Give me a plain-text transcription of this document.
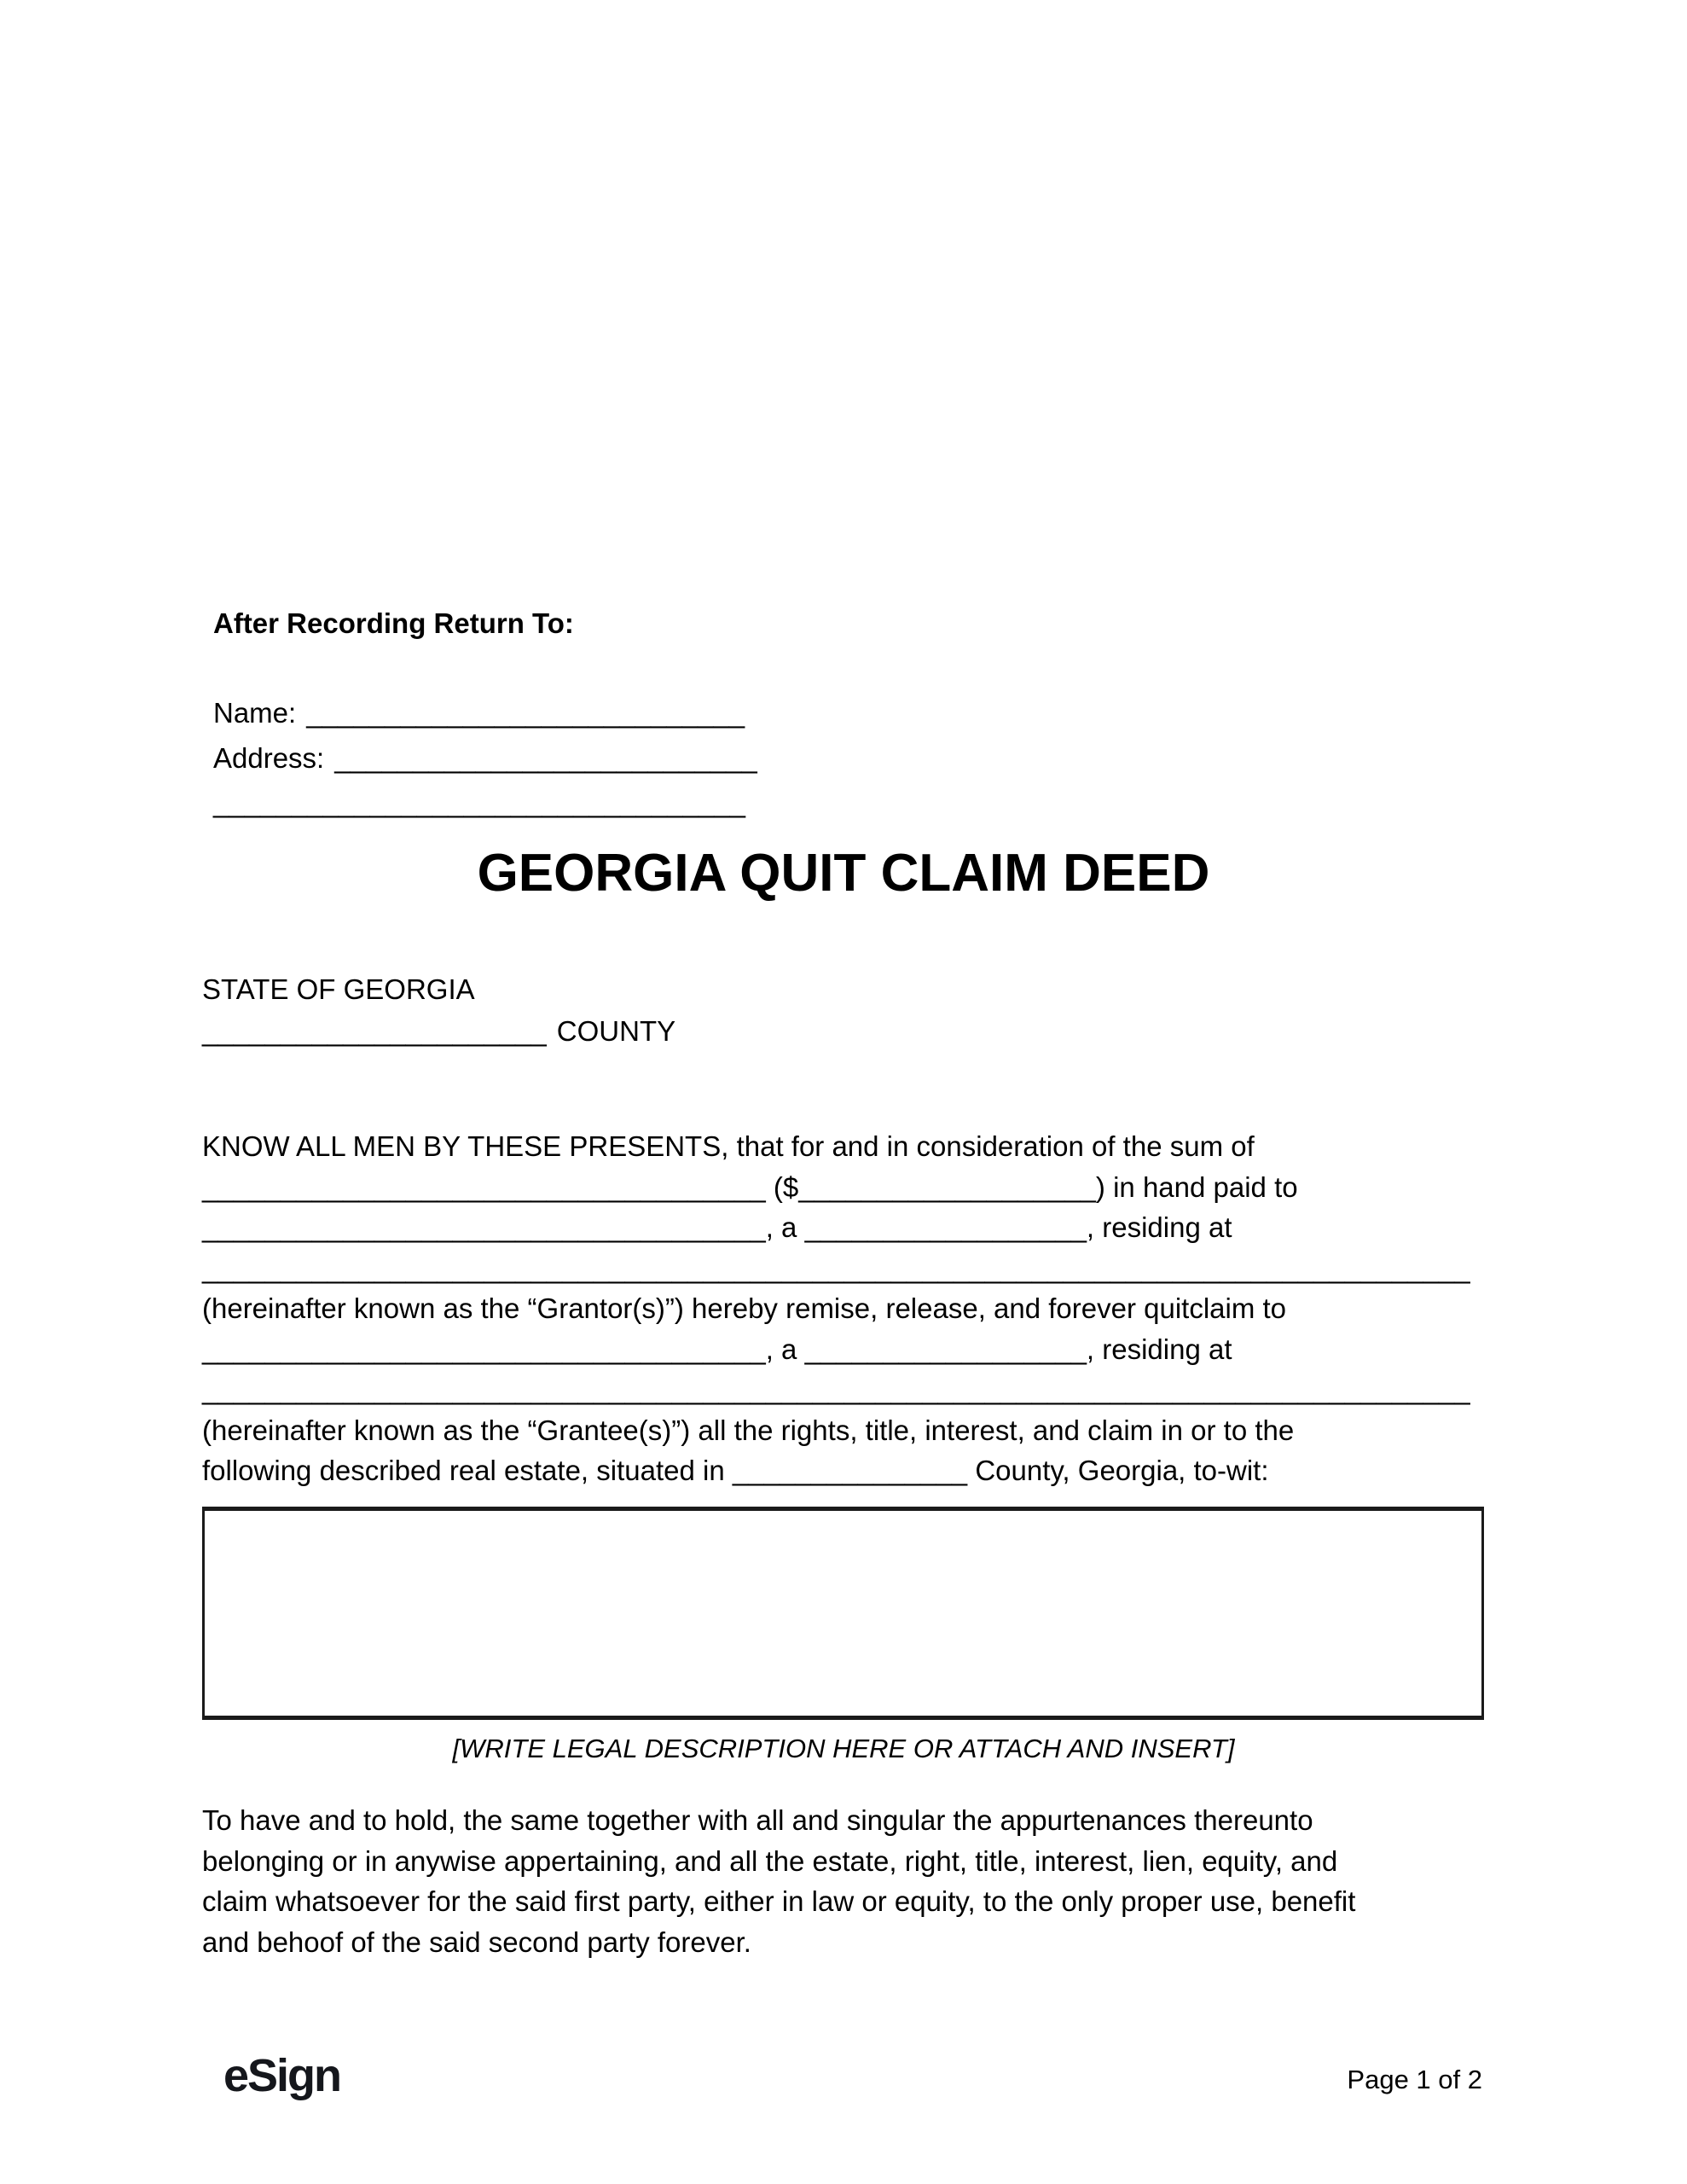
After Recording Return To:
Name: ____________________________
Address: ___________________________
__________________________________
GEORGIA QUIT CLAIM DEED
STATE OF GEORGIA
______________________ COUNTY
KNOW ALL MEN BY THESE PRESENTS, that for and in consideration of the sum of
____________________________________ ($___________________) in hand paid to
____________________________________, a __________________, residing at
_________________________________________________________________________________
(hereinafter known as the “Grantor(s)”) hereby remise, release, and forever quitclaim to
____________________________________, a __________________, residing at
_________________________________________________________________________________
(hereinafter known as the “Grantee(s)”) all the rights, title, interest, and claim in or to the
following described real estate, situated in _______________ County, Georgia, to-wit:
[WRITE LEGAL DESCRIPTION HERE OR ATTACH AND INSERT]
To have and to hold, the same together with all and singular the appurtenances thereunto
belonging or in anywise appertaining, and all the estate, right, title, interest, lien, equity, and
claim whatsoever for the said first party, either in law or equity, to the only proper use, benefit
and behoof of the said second party forever.
eSign	Page 1 of 2
